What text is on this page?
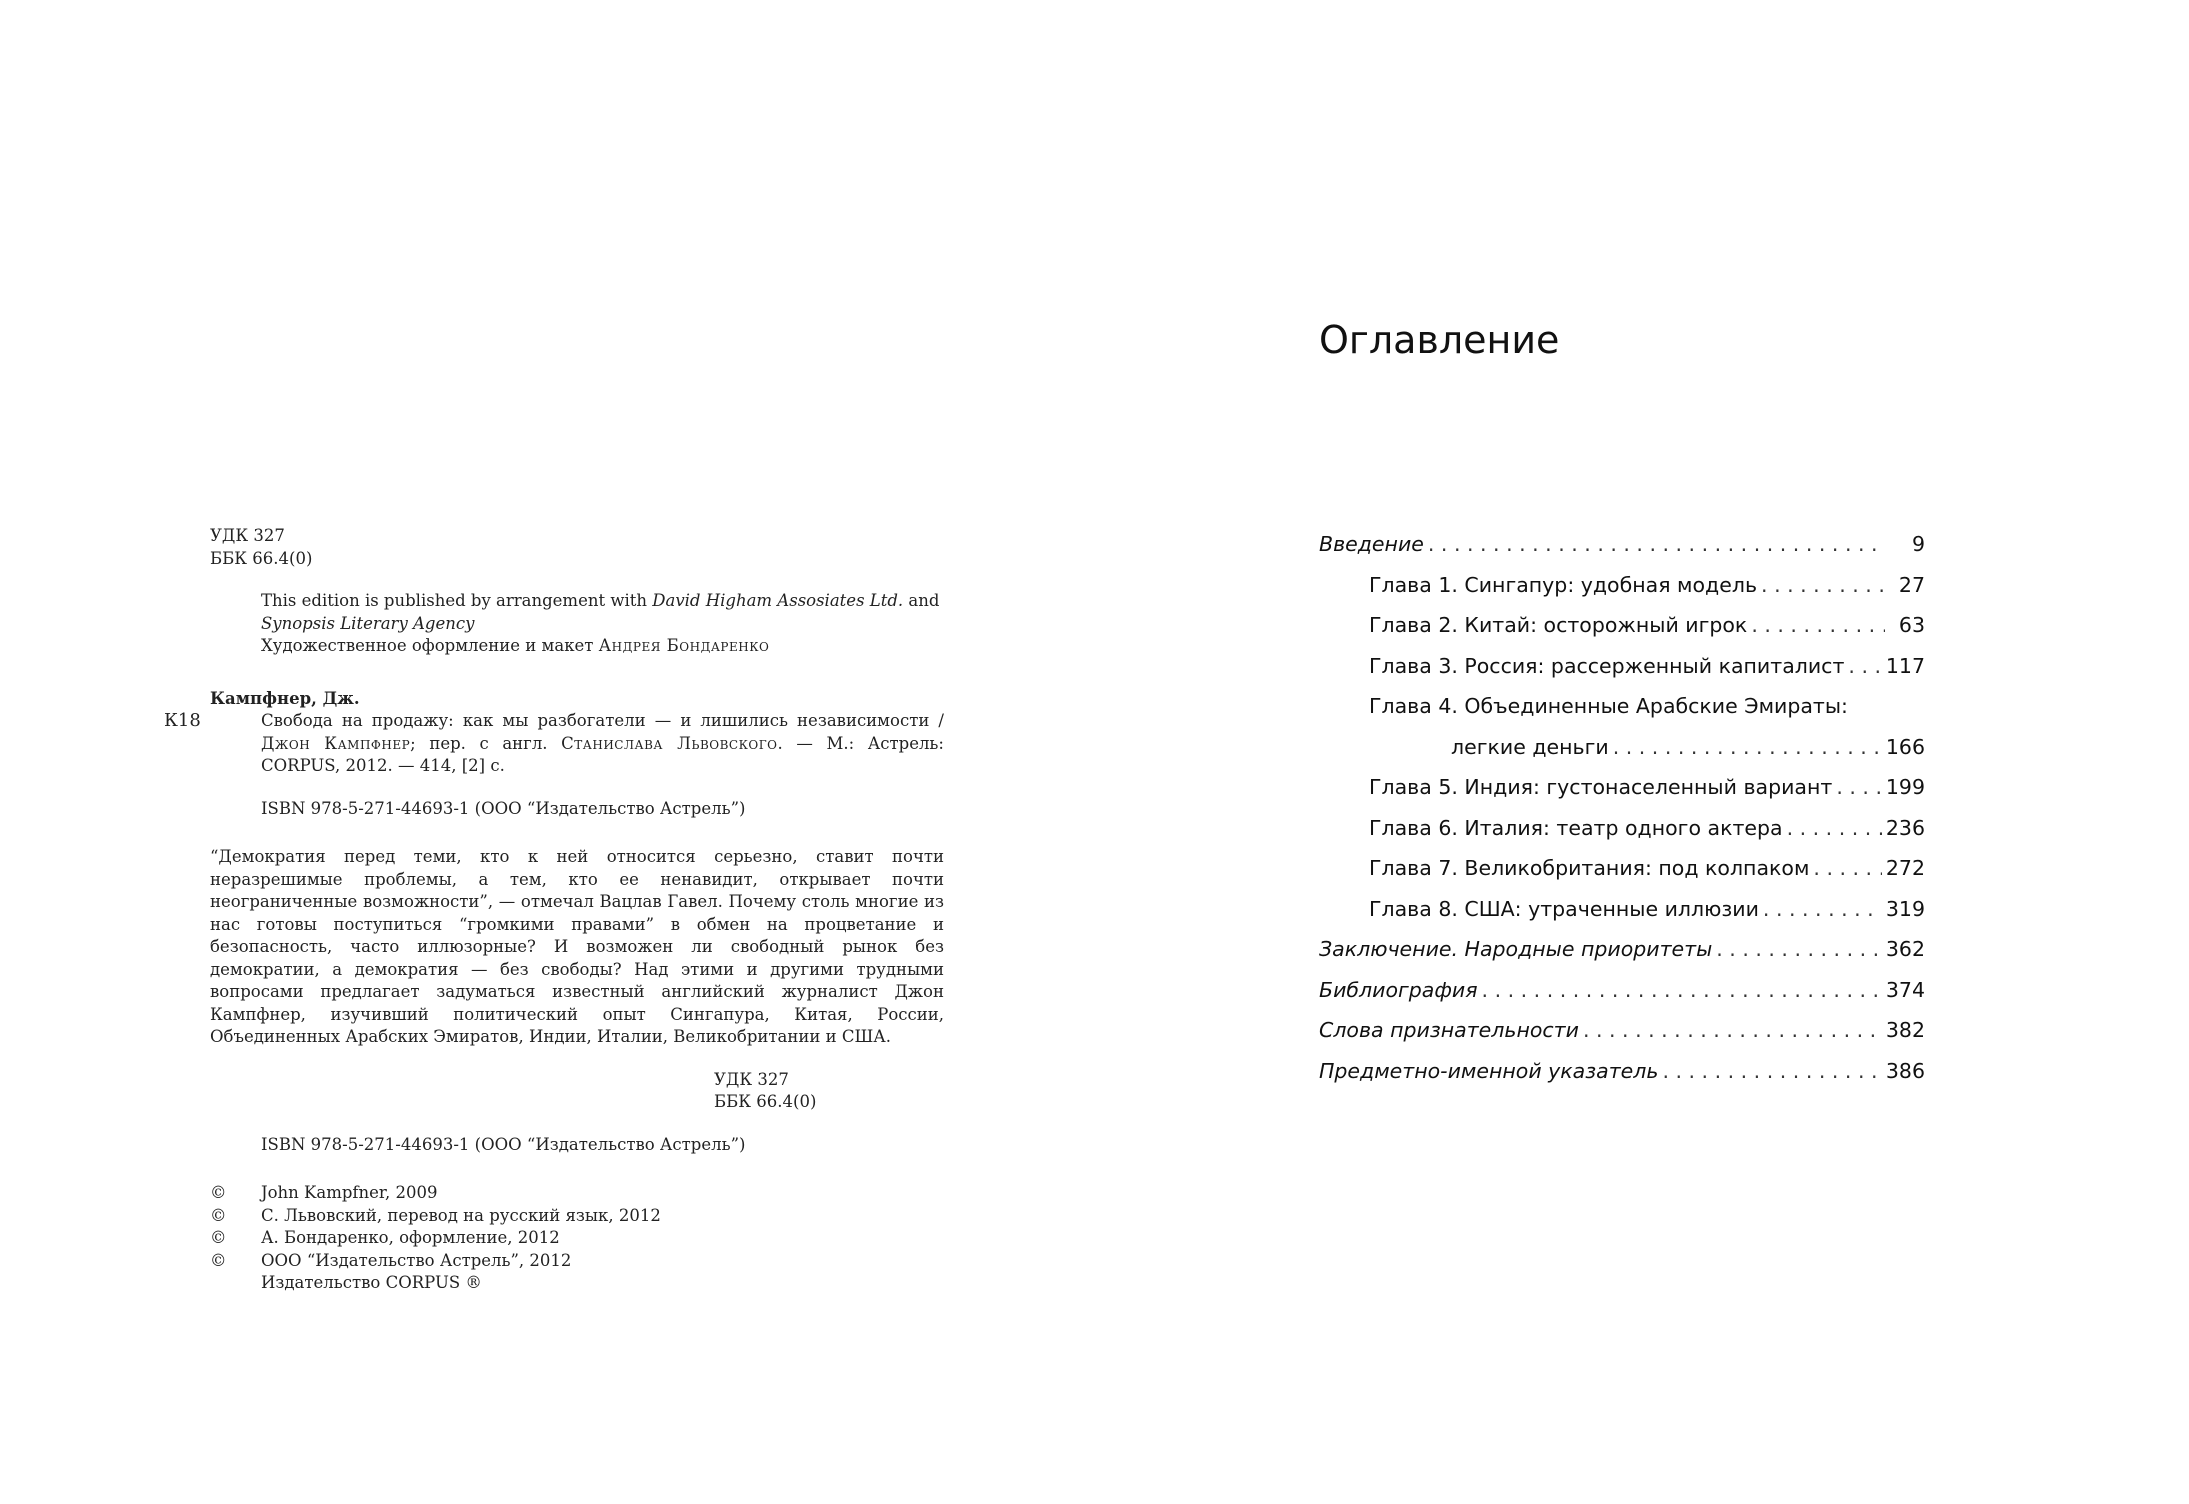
УДК 327

ББК 66.4(0)

This edition is published by arrangement with David Higham Assosiates Ltd. and Synopsis Literary Agency

Художественное оформление и макет Андрея Бондаренко

Кампфнер, Дж.

К18	Свобода на продажу: как мы разбогатели — и лишились независимости / Джон Кампфнер; пер. с англ. Станислава Львовского. — М.: Астрель: CORPUS, 2012. — 414, [2] с.

ISBN 978-5-271-44693-1 (ООО “Издательство Астрель”)

“Демократия перед теми, кто к ней относится серьезно, ставит почти неразрешимые проблемы, а тем, кто ее ненавидит, открывает почти неограниченные возможности”, — отмечал Вацлав Гавел. Почему столь многие из нас готовы поступиться “громкими правами” в обмен на процветание и безопасность, часто иллюзорные? И возможен ли свободный рынок без демократии, а демократия — без свободы? Над этими и другими трудными вопросами предлагает задуматься известный английский журналист Джон Кампфнер, изучивший политический опыт Сингапура, Китая, России, Объединенных Арабских Эмиратов, Индии, Италии, Великобритании и США.

УДК 327

ББК 66.4(0)

ISBN 978-5-271-44693-1 (ООО “Издательство Астрель”)

©	John Kampfner, 2009
©	С. Львовский, перевод на русский язык, 2012
©	А. Бондаренко, оформление, 2012
©	ООО “Издательство Астрель”, 2012
Издательство CORPUS ®
Оглавление
Введение . . .	9
Глава 1. Сингапур: удобная модель . . .	27
Глава 2. Китай: осторожный игрок . . .	63
Глава 3. Россия: рассерженный капиталист . . . 117
Глава 4. Объединенные Арабские Эмираты:
легкие деньги . . .	166
Глава 5. Индия: густонаселенный вариант . . .	199
Глава 6. Италия: театр одного актера . . .	236
Глава 7. Великобритания: под колпаком . . .	272
Глава 8. США: утраченные иллюзии . . .	319
Заключение. Народные приоритеты . . .	362
Библиография . . .	374
Слова признательности . . .	382
Предметно-именной указатель . . .	386
